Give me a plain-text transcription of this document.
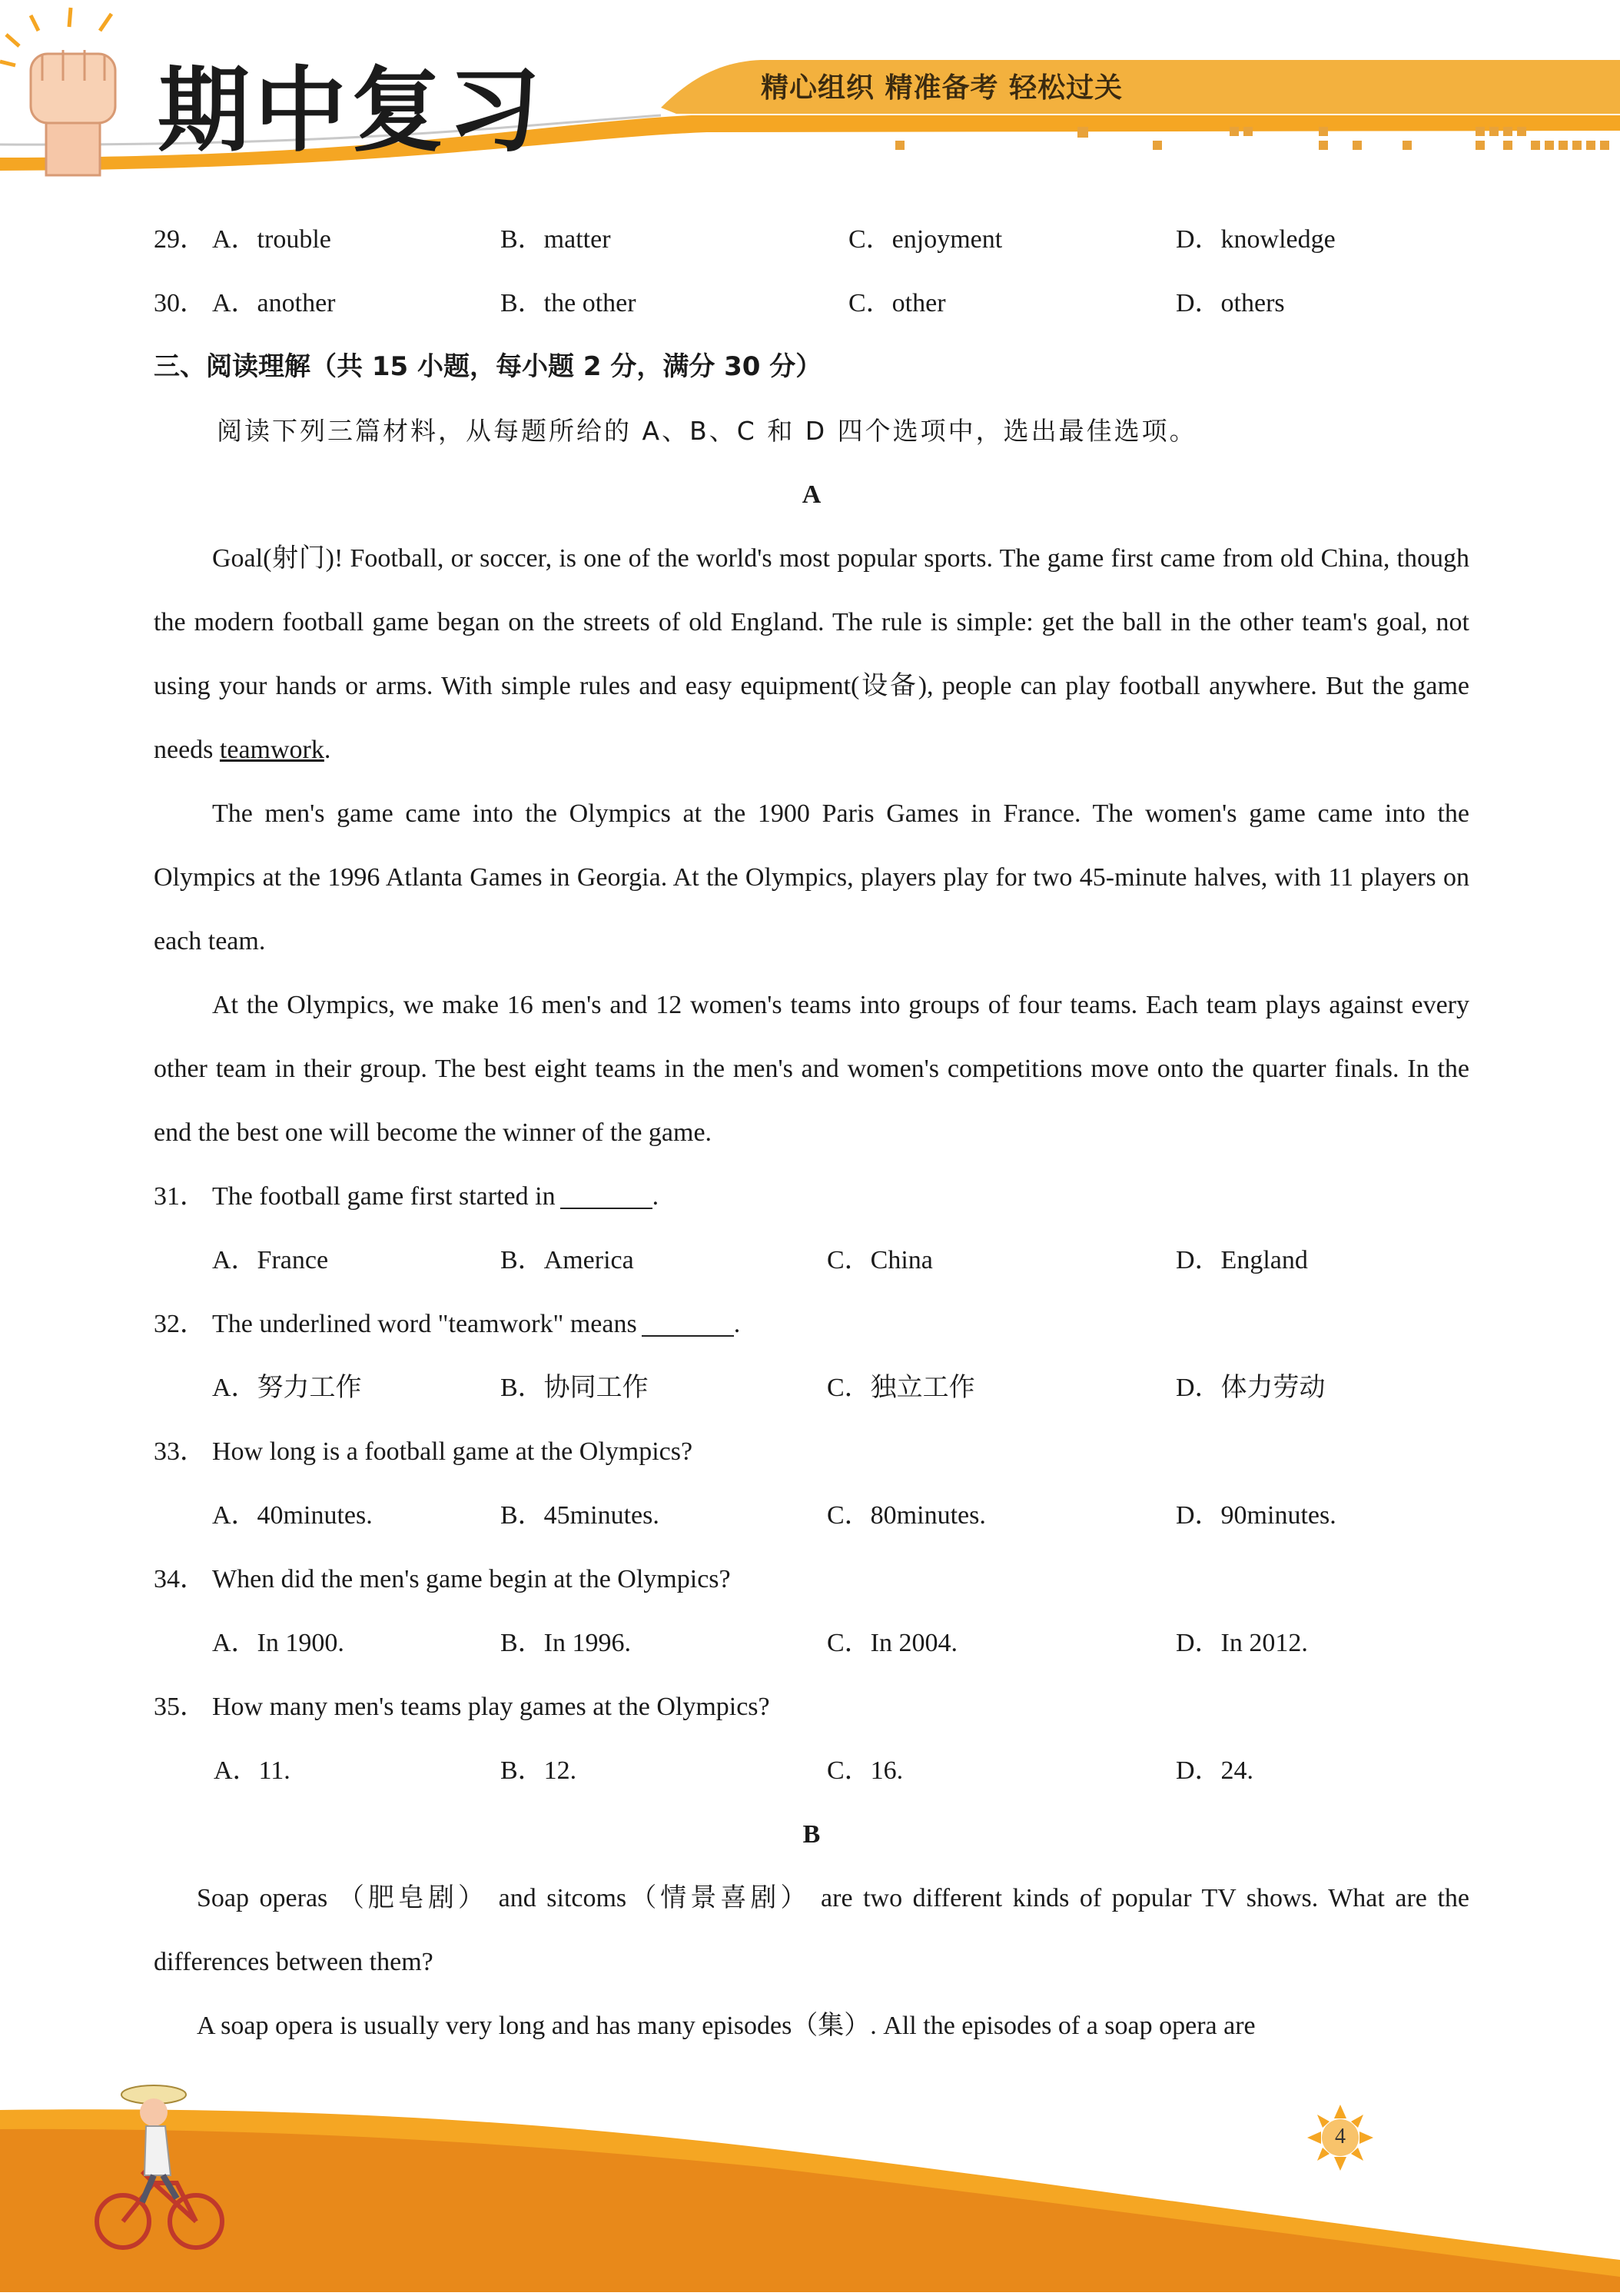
期中复习	精心组织 精准备考 轻松过关
29． A．trouble	B．matter	C．enjoyment	D．knowledge
30． A．another	B．the other	C．other	D．others
三、阅读理解（共 15 小题，每小题 2 分，满分 30 分）
阅读下列三篇材料，从每题所给的 A、B、C 和 D 四个选项中，选出最佳选项。
A

Goal(射门)! Football, or soccer, is one of the world's most popular sports. The game first came from old China, though the modern football game began on the streets of old England. The rule is simple: get the ball in the other team's goal, not using your hands or arms. With simple rules and easy equipment(设备), people can play football anywhere. But the game needs teamwork.

The men's game came into the Olympics at the 1900 Paris Games in France. The women's game came into the Olympics at the 1996 Atlanta Games in Georgia. At the Olympics, players play for two 45-minute halves, with 11 players on each team.

At the Olympics, we make 16 men's and 12 women's teams into groups of four teams. Each team plays against every other team in their group. The best eight teams in the men's and women's competitions move onto the quarter finals. In the end the best one will become the winner of the game.

31． The football game first started in	.
A．France	B．America	C．China	D．England
32． The underlined word "teamwork" means	.
A．努力工作	B．协同工作	C．独立工作	D．体力劳动
33． How long is a football game at the Olympics?
A．40minutes.	B．45minutes.	C．80minutes.	D．90minutes.
34． When did the men's game begin at the Olympics?
A．In 1900.	B．In 1996.	C．In 2004.	D．In 2012.
35． How many men's teams play games at the Olympics?
A．11.	B．12.	C．16.	D．24.
B

Soap operas （肥皂剧） and sitcoms（情景喜剧） are two different kinds of popular TV shows. What are the differences between them?

A soap opera is usually very long and has many episodes（集）. All the episodes of a soap opera are

4
